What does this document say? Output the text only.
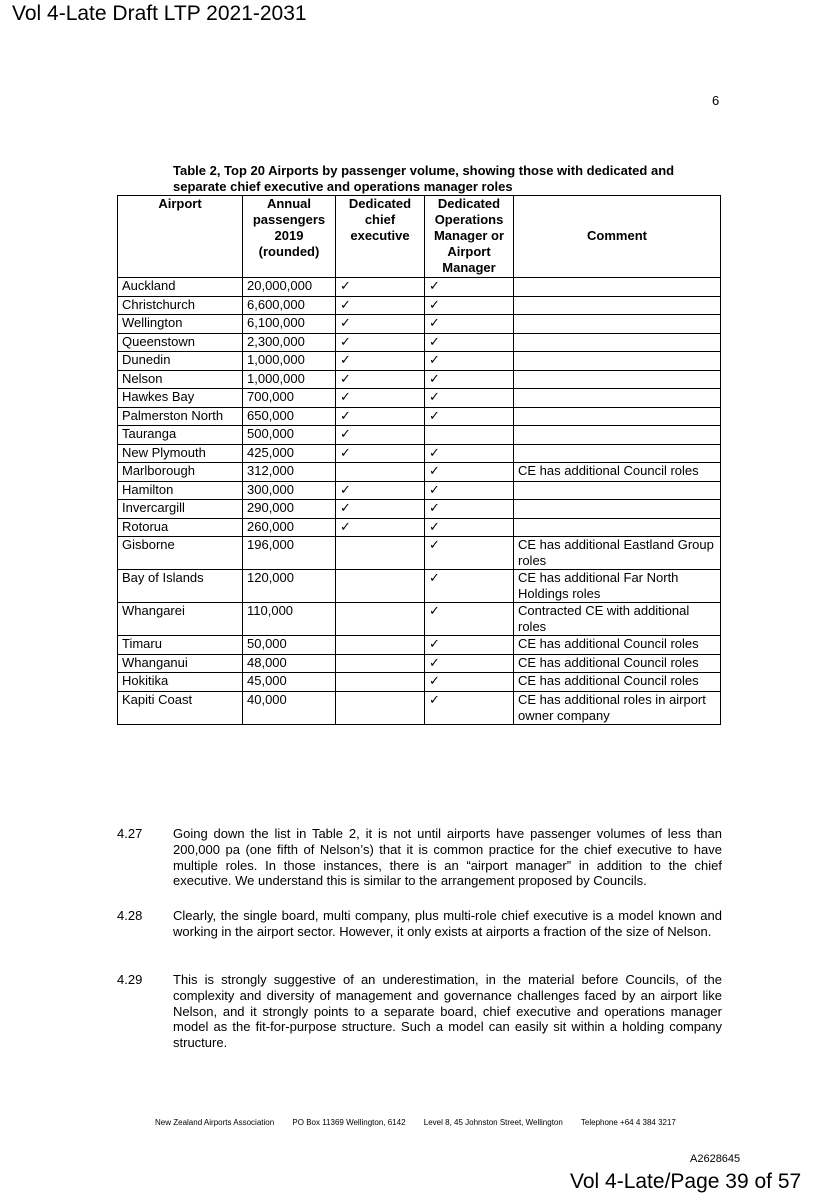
Vol 4-Late Draft LTP 2021-2031
6
Table 2, Top 20 Airports by passenger volume, showing those with dedicated and separate chief executive and operations manager roles
Airport	Annual passengers 2019 (rounded)	Dedicated chief executive	Dedicated Operations Manager or Airport Manager	Comment
Auckland	20,000,000	✓	✓	
Christchurch	6,600,000	✓	✓	
Wellington	6,100,000	✓	✓	
Queenstown	2,300,000	✓	✓	
Dunedin	1,000,000	✓	✓	
Nelson	1,000,000	✓	✓	
Hawkes Bay	700,000	✓	✓	
Palmerston North	650,000	✓	✓	
Tauranga	500,000	✓		
New Plymouth	425,000	✓	✓	
Marlborough	312,000		✓	CE has additional Council roles
Hamilton	300,000	✓	✓	
Invercargill	290,000	✓	✓	
Rotorua	260,000	✓	✓	
Gisborne	196,000		✓	CE has additional Eastland Group roles
Bay of Islands	120,000		✓	CE has additional Far North Holdings roles
Whangarei	110,000		✓	Contracted CE with additional roles
Timaru	50,000		✓	CE has additional Council roles
Whanganui	48,000		✓	CE has additional Council roles
Hokitika	45,000		✓	CE has additional Council roles
Kapiti Coast	40,000		✓	CE has additional roles in airport owner company
4.27 Going down the list in Table 2, it is not until airports have passenger volumes of less than 200,000 pa (one fifth of Nelson’s) that it is common practice for the chief executive to have multiple roles. In those instances, there is an “airport manager” in addition to the chief executive. We understand this is similar to the arrangement proposed by Councils.
4.28 Clearly, the single board, multi company, plus multi-role chief executive is a model known and working in the airport sector. However, it only exists at airports a fraction of the size of Nelson.
4.29 This is strongly suggestive of an underestimation, in the material before Councils, of the complexity and diversity of management and governance challenges faced by an airport like Nelson, and it strongly points to a separate board, chief executive and operations manager model as the fit-for-purpose structure. Such a model can easily sit within a holding company structure.
New Zealand Airports Association PO Box 11369 Wellington, 6142 Level 8, 45 Johnston Street, Wellington Telephone +64 4 384 3217
A2628645
Vol 4-Late/Page 39 of 57
